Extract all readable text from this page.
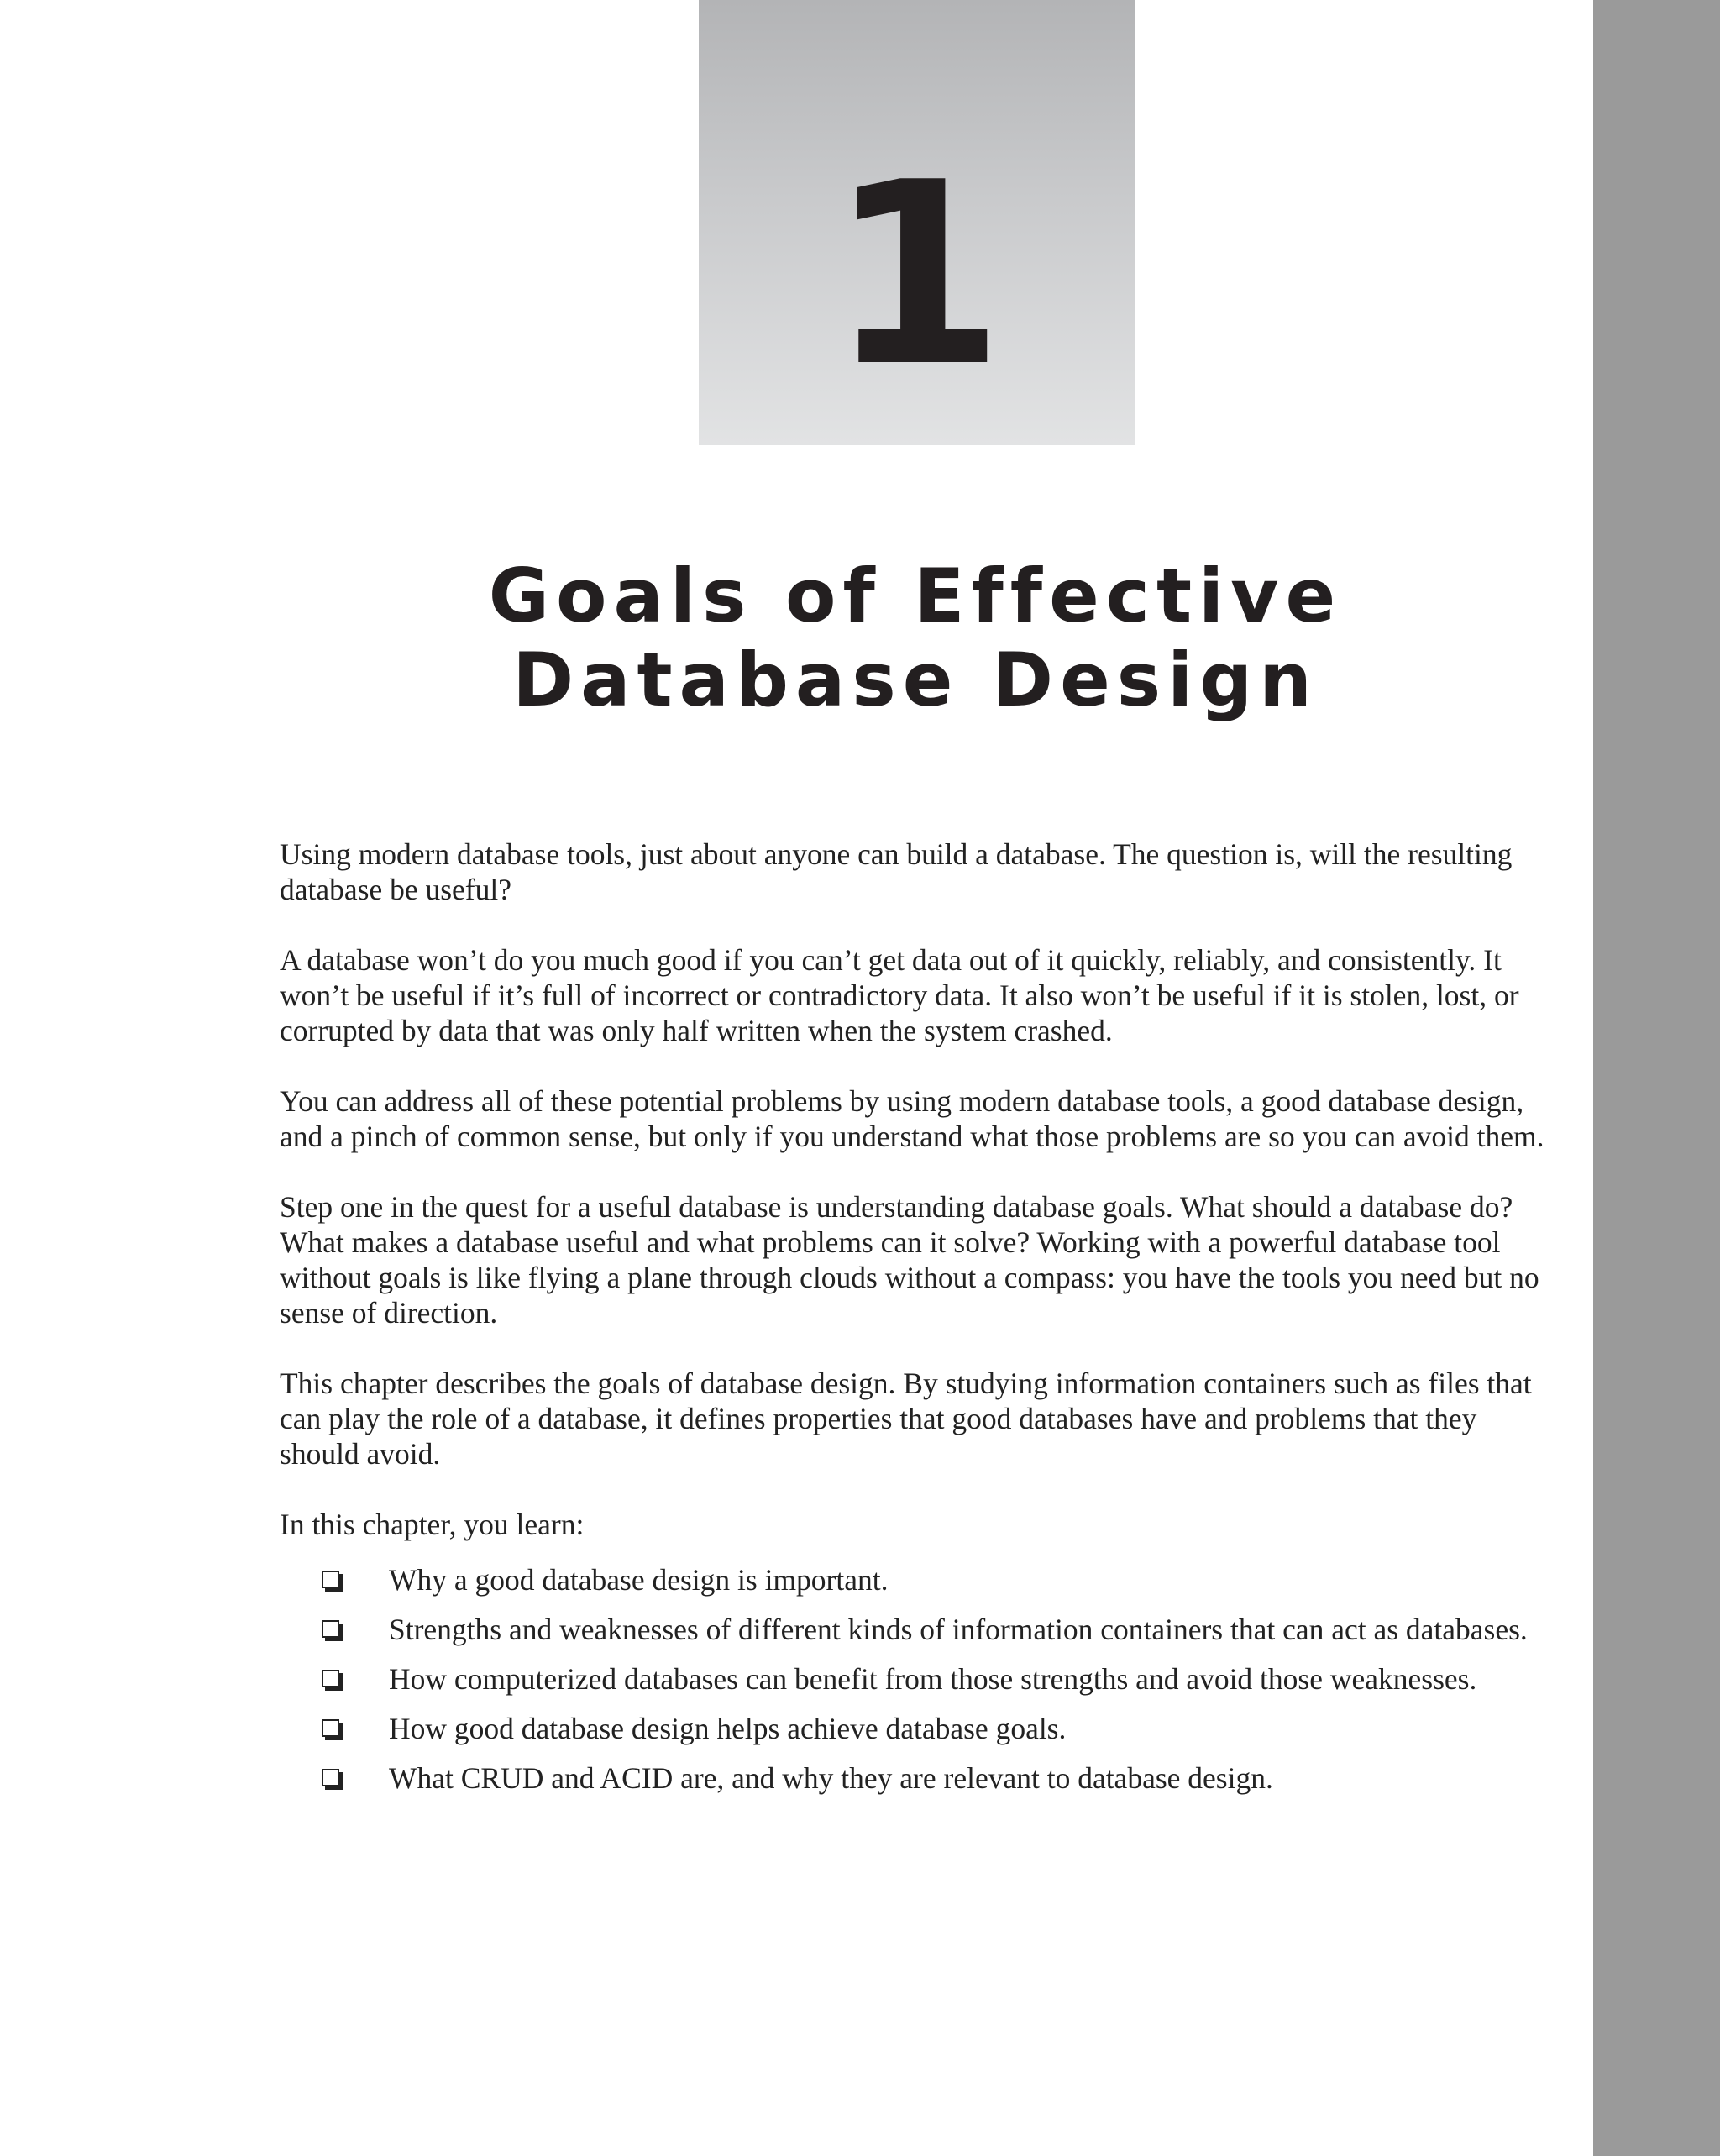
1
Goals of Effective
Database Design

Using modern database tools, just about anyone can build a database. The question is, will the resulting database be useful?

A database won’t do you much good if you can’t get data out of it quickly, reliably, and consistently. It won’t be useful if it’s full of incorrect or contradictory data. It also won’t be useful if it is stolen, lost, or corrupted by data that was only half written when the system crashed.

You can address all of these potential problems by using modern database tools, a good database design, and a pinch of common sense, but only if you understand what those problems are so you can avoid them.

Step one in the quest for a useful database is understanding database goals. What should a database do? What makes a database useful and what problems can it solve? Working with a powerful database tool without goals is like flying a plane through clouds without a compass: you have the tools you need but no sense of direction.

This chapter describes the goals of database design. By studying information containers such as files that can play the role of a database, it defines properties that good databases have and problems that they should avoid.

In this chapter, you learn:

Why a good database design is important.
Strengths and weaknesses of different kinds of information containers that can act as databases.
How computerized databases can benefit from those strengths and avoid those weaknesses.
How good database design helps achieve database goals.
What CRUD and ACID are, and why they are relevant to database design.
